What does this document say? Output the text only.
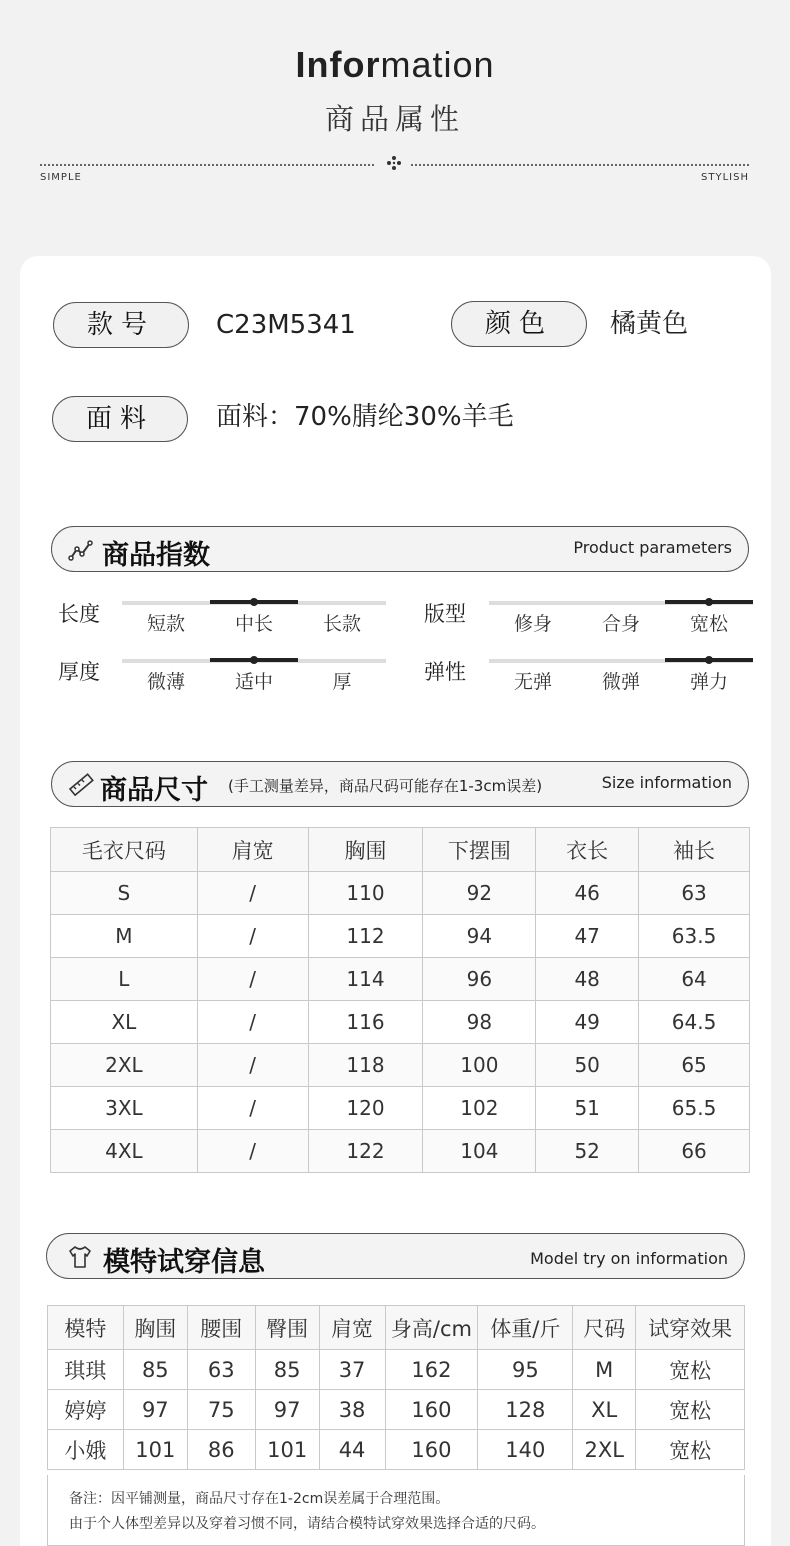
Information
商品属性
SIMPLE	STYLISH
款号	C23M5341	颜色	橘黄色
面料	面料：70%腈纶30%羊毛
商品指数	Product parameters
长度	短款	中长	长款	版型	修身	合身	宽松
厚度	微薄	适中	厚	弹性	无弹	微弹	弹力
商品尺寸 (手工测量差异，商品尺码可能存在1-3cm误差)	Size information
毛衣尺码	肩宽	胸围	下摆围	衣长	袖长
S	/	110	92	46	63
M	/	112	94	47	63.5
L	/	114	96	48	64
XL	/	116	98	49	64.5
2XL	/	118	100	50	65
3XL	/	120	102	51	65.5
4XL	/	122	104	52	66
模特试穿信息	Model try on information
模特	胸围	腰围	臀围	肩宽	身高/cm	体重/斤	尺码	试穿效果
琪琪	85	63	85	37	162	95	M	宽松
婷婷	97	75	97	38	160	128	XL	宽松
小娥	101	86	101	44	160	140	2XL	宽松
备注：因平铺测量，商品尺寸存在1-2cm误差属于合理范围。
由于个人体型差异以及穿着习惯不同，请结合模特试穿效果选择合适的尺码。
